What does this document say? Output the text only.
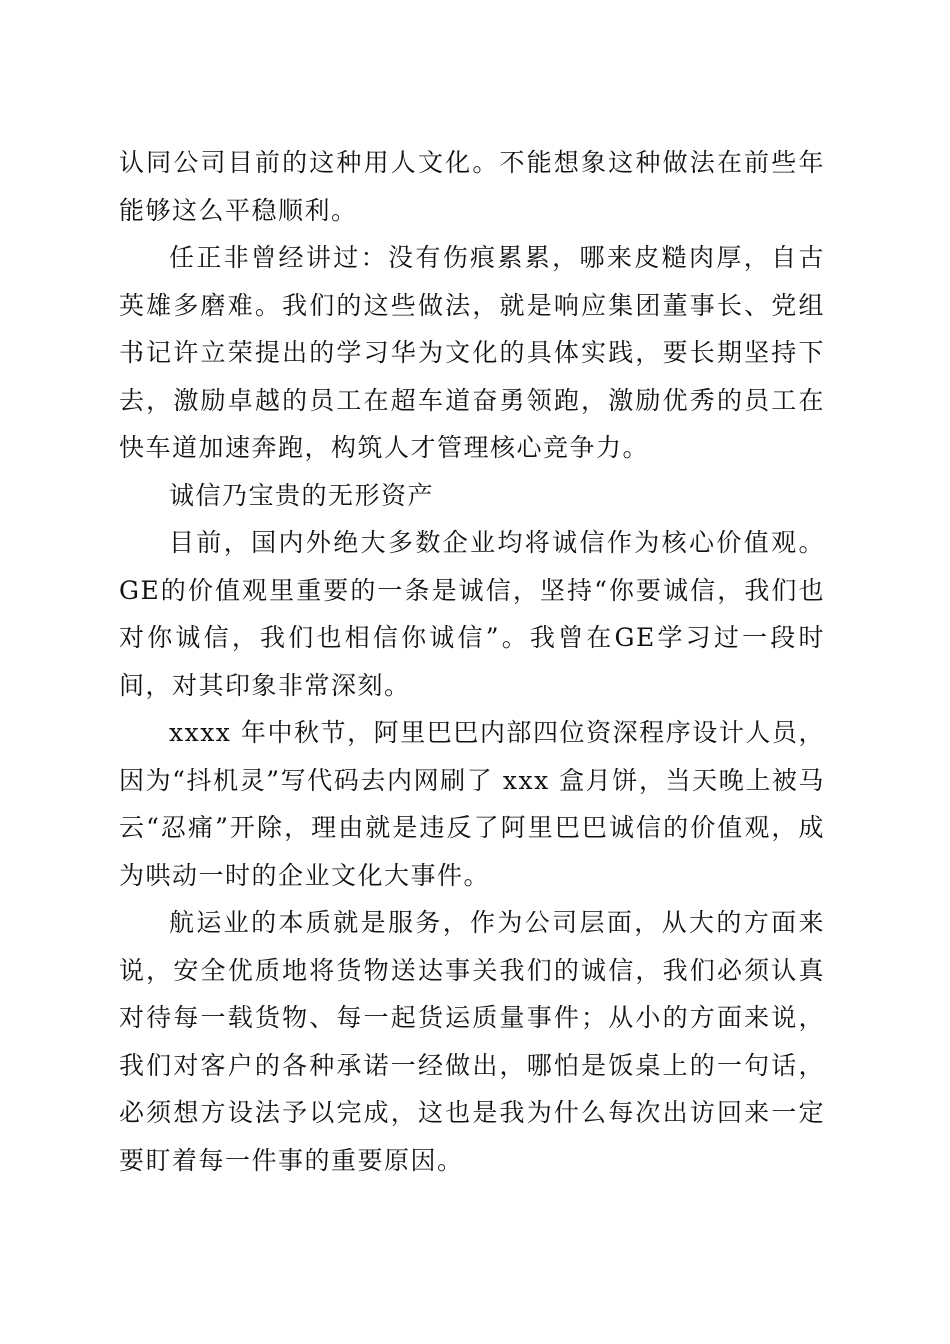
认同公司目前的这种用人文化。不能想象这种做法在前些年能够这么平稳顺利。

任正非曾经讲过：没有伤痕累累，哪来皮糙肉厚，自古英雄多磨难。我们的这些做法，就是响应集团董事长、党组书记许立荣提出的学习华为文化的具体实践，要长期坚持下去，激励卓越的员工在超车道奋勇领跑，激励优秀的员工在快车道加速奔跑，构筑人才管理核心竞争力。

诚信乃宝贵的无形资产

目前，国内外绝大多数企业均将诚信作为核心价值观。GE的价值观里重要的一条是诚信，坚持“你要诚信，我们也对你诚信，我们也相信你诚信”。我曾在GE学习过一段时间，对其印象非常深刻。

xxxx 年中秋节，阿里巴巴内部四位资深程序设计人员，因为“抖机灵”写代码去内网刷了 xxx 盒月饼，当天晚上被马云“忍痛”开除，理由就是违反了阿里巴巴诚信的价值观，成为哄动一时的企业文化大事件。

航运业的本质就是服务，作为公司层面，从大的方面来说，安全优质地将货物送达事关我们的诚信，我们必须认真对待每一载货物、每一起货运质量事件；从小的方面来说，我们对客户的各种承诺一经做出，哪怕是饭桌上的一句话，必须想方设法予以完成，这也是我为什么每次出访回来一定要盯着每一件事的重要原因。
